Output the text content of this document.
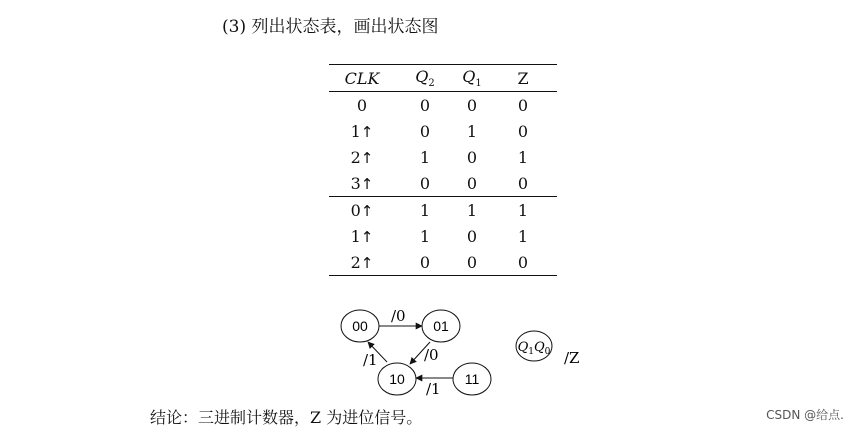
(3) 列出状态表，画出状态图
CLK	$Q_2$	$Q_1$	Z
0	0	0	0
1↑	0	1	0
2↑	1	0	1
3↑	0	0	0
0↑	1	1	1
1↑	1	0	1
2↑	0	0	0
00	01
10	11
/0
/0
/1
/1
$Q_1Q_0$ /Z
结论：三进制计数器，Z 为进位信号。	CSDN @给点.
